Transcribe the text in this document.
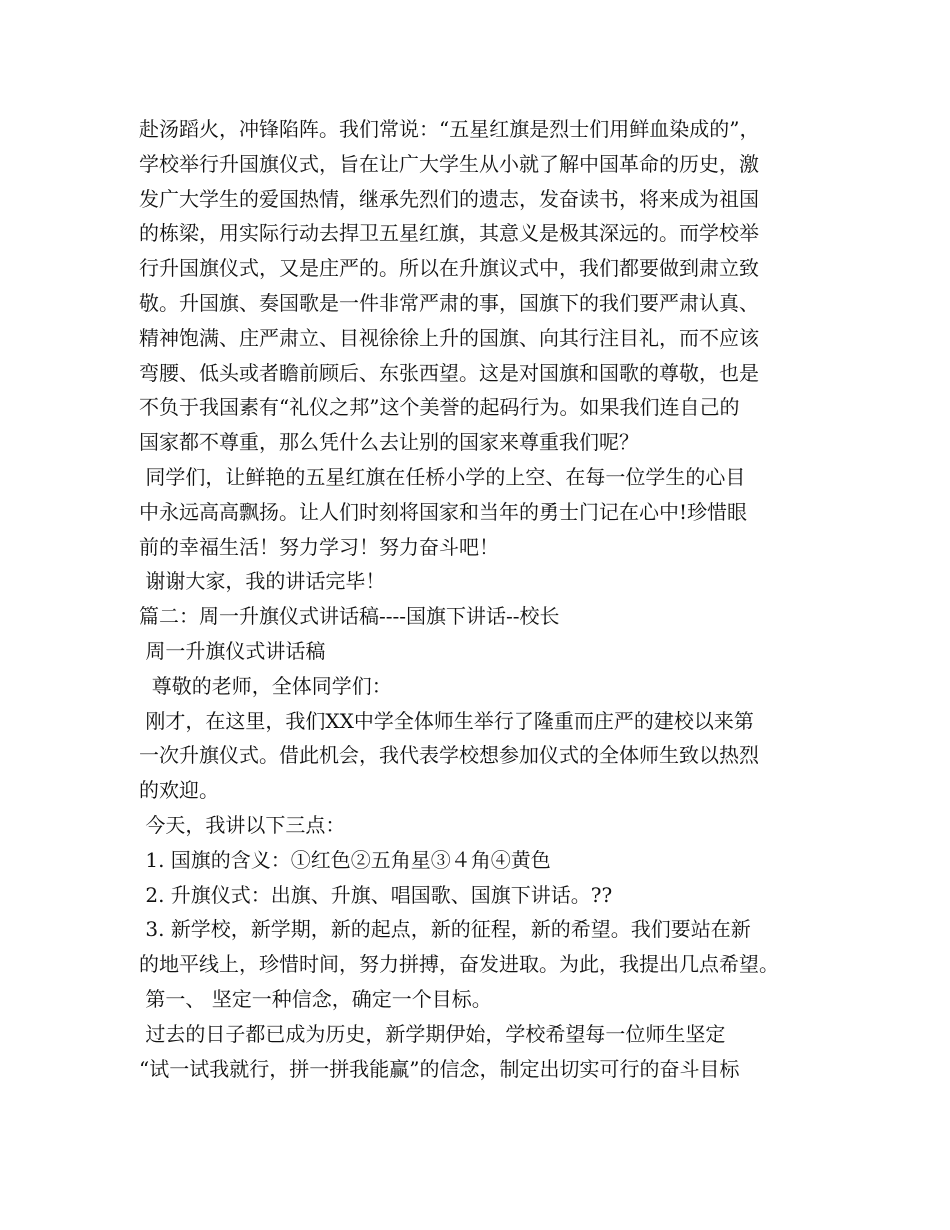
赴汤蹈火，冲锋陷阵。我们常说：“五星红旗是烈士们用鲜血染成的”，

学校举行升国旗仪式，旨在让广大学生从小就了解中国革命的历史，激

发广大学生的爱国热情，继承先烈们的遗志，发奋读书，将来成为祖国

的栋梁，用实际行动去捍卫五星红旗，其意义是极其深远的。而学校举

行升国旗仪式，又是庄严的。所以在升旗议式中，我们都要做到肃立致

敬。升国旗、奏国歌是一件非常严肃的事，国旗下的我们要严肃认真、

精神饱满、庄严肃立、目视徐徐上升的国旗、向其行注目礼，而不应该

弯腰、低头或者瞻前顾后、东张西望。这是对国旗和国歌的尊敬，也是

不负于我国素有“礼仪之邦”这个美誉的起码行为。如果我们连自己的

国家都不尊重，那么凭什么去让别的国家来尊重我们呢？

同学们，让鲜艳的五星红旗在任桥小学的上空、在每一位学生的心目

中永远高高飘扬。让人们时刻将国家和当年的勇士门记在心中!珍惜眼

前的幸福生活！努力学习！努力奋斗吧！

谢谢大家，我的讲话完毕！

篇二：周一升旗仪式讲话稿----国旗下讲话--校长

周一升旗仪式讲话稿

尊敬的老师，全体同学们：

刚才，在这里，我们XX中学全体师生举行了隆重而庄严的建校以来第

一次升旗仪式。借此机会，我代表学校想参加仪式的全体师生致以热烈

的欢迎。

今天，我讲以下三点：

1. 国旗的含义：①红色②五角星③４角④黄色

2. 升旗仪式：出旗、升旗、唱国歌、国旗下讲话。??

3. 新学校，新学期，新的起点，新的征程，新的希望。我们要站在新

的地平线上，珍惜时间，努力拼搏，奋发进取。为此，我提出几点希望。

第一、 坚定一种信念，确定一个目标。

过去的日子都已成为历史，新学期伊始，学校希望每一位师生坚定

“试一试我就行，拼一拼我能赢”的信念，制定出切实可行的奋斗目标
